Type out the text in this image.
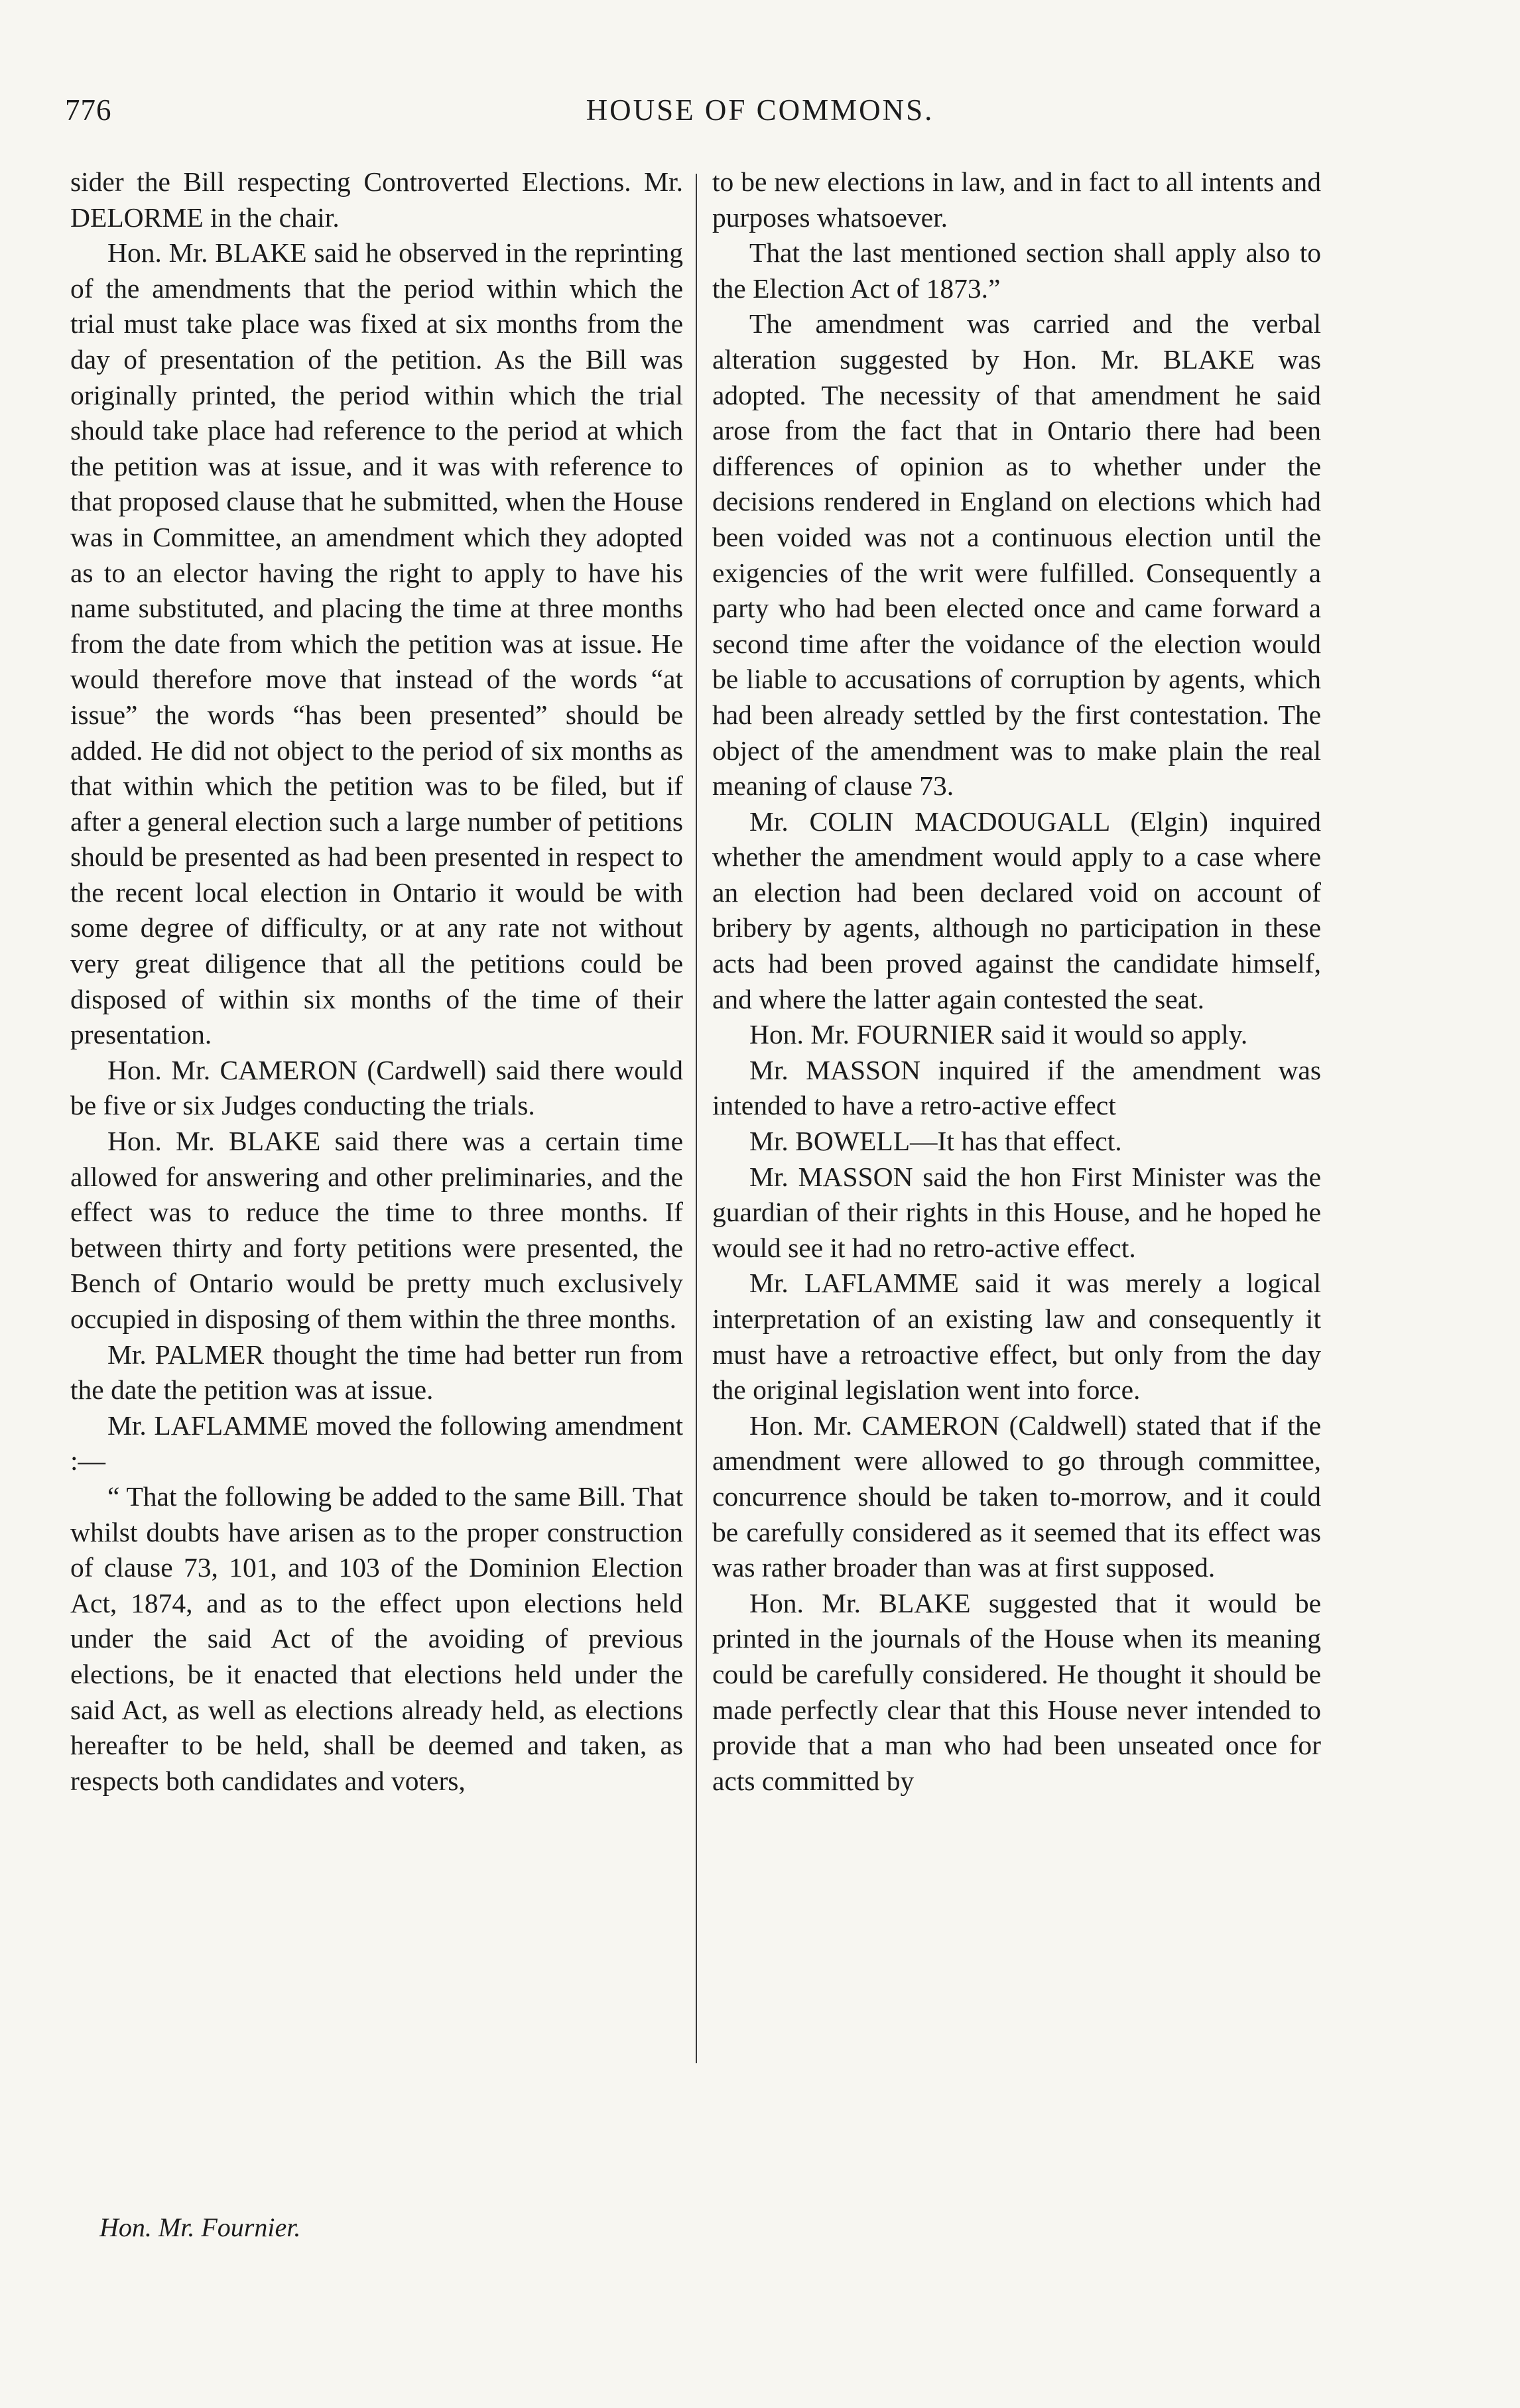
776	HOUSE OF COMMONS.

sider the Bill respecting Controverted Elections. Mr. DELORME in the chair.

Hon. Mr. BLAKE said he observed in the reprinting of the amendments that the period within which the trial must take place was fixed at six months from the day of presentation of the petition. As the Bill was originally printed, the period within which the trial should take place had reference to the period at which the petition was at issue, and it was with reference to that proposed clause that he submitted, when the House was in Committee, an amendment which they adopted as to an elector having the right to apply to have his name substituted, and placing the time at three months from the date from which the petition was at issue. He would therefore move that instead of the words “at issue” the words “has been presented” should be added. He did not object to the period of six months as that within which the petition was to be filed, but if after a general election such a large number of petitions should be presented as had been presented in respect to the recent local election in Ontario it would be with some degree of difficulty, or at any rate not without very great diligence that all the petitions could be disposed of within six months of the time of their presentation.

Hon. Mr. CAMERON (Cardwell) said there would be five or six Judges conducting the trials.

Hon. Mr. BLAKE said there was a certain time allowed for answering and other preliminaries, and the effect was to reduce the time to three months. If between thirty and forty petitions were presented, the Bench of Ontario would be pretty much exclusively occupied in disposing of them within the three months.

Mr. PALMER thought the time had better run from the date the petition was at issue.

Mr. LAFLAMME moved the following amendment :—

“ That the following be added to the same Bill. That whilst doubts have arisen as to the proper construction of clause 73, 101, and 103 of the Dominion Election Act, 1874, and as to the effect upon elections held under the said Act of the avoiding of previous elections, be it enacted that elections held under the said Act, as well as elections already held, as elections hereafter to be held, shall be deemed and taken, as respects both candidates and voters,

to be new elections in law, and in fact to all intents and purposes whatsoever.

That the last mentioned section shall apply also to the Election Act of 1873.”

The amendment was carried and the verbal alteration suggested by Hon. Mr. BLAKE was adopted. The necessity of that amendment he said arose from the fact that in Ontario there had been differences of opinion as to whether under the decisions rendered in England on elections which had been voided was not a continuous election until the exigencies of the writ were fulfilled. Consequently a party who had been elected once and came forward a second time after the voidance of the election would be liable to accusations of corruption by agents, which had been already settled by the first contestation. The object of the amendment was to make plain the real meaning of clause 73.

Mr. COLIN MACDOUGALL (Elgin) inquired whether the amendment would apply to a case where an election had been declared void on account of bribery by agents, although no participation in these acts had been proved against the candidate himself, and where the latter again contested the seat.

Hon. Mr. FOURNIER said it would so apply.

Mr. MASSON inquired if the amendment was intended to have a retro-active effect

Mr. BOWELL—It has that effect.

Mr. MASSON said the hon First Minister was the guardian of their rights in this House, and he hoped he would see it had no retro-active effect.

Mr. LAFLAMME said it was merely a logical interpretation of an existing law and consequently it must have a retroactive effect, but only from the day the original legislation went into force.

Hon. Mr. CAMERON (Caldwell) stated that if the amendment were allowed to go through committee, concurrence should be taken to-morrow, and it could be carefully considered as it seemed that its effect was was rather broader than was at first supposed.

Hon. Mr. BLAKE suggested that it would be printed in the journals of the House when its meaning could be carefully considered. He thought it should be made perfectly clear that this House never intended to provide that a man who had been unseated once for acts committed by

Hon. Mr. Fournier.
